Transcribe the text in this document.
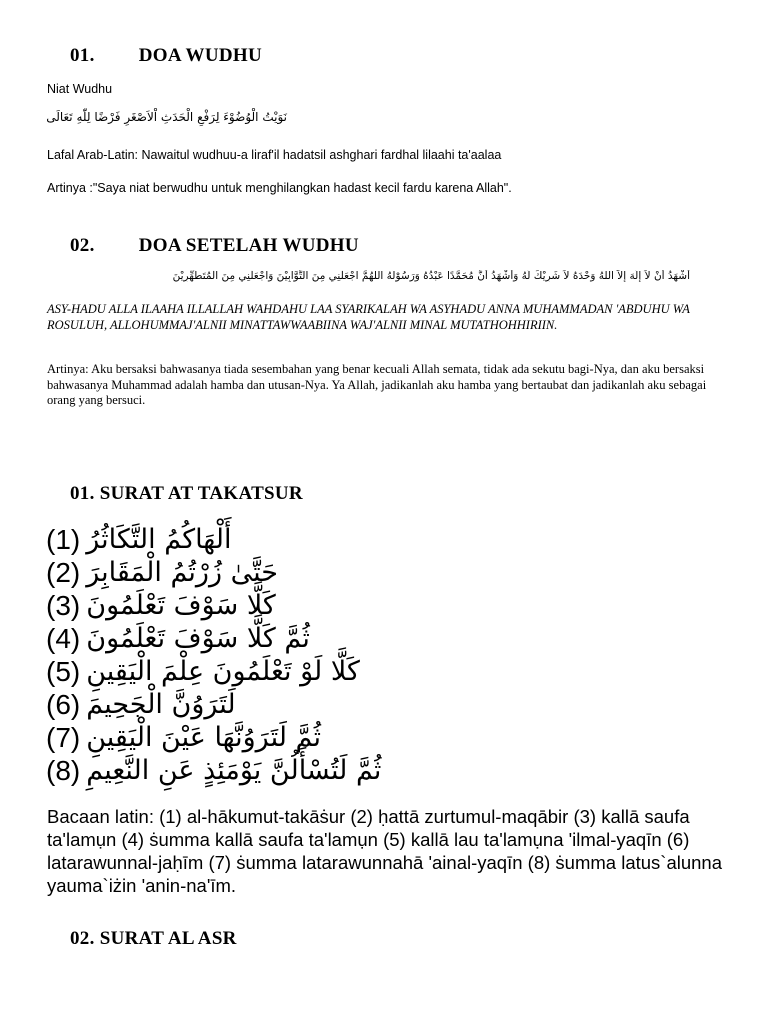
01. DOA WUDHU
Niat Wudhu
نَوَيْتُ الْوُضُوْءَ لِرَفْعِ الْحَدَثِ اْلاَصْغَرِ فَرْضًا لِلّٰهِ تَعَالَى
Lafal Arab-Latin: Nawaitul wudhuu-a liraf'il hadatsil ashghari fardhal lilaahi ta'aalaa
Artinya :"Saya niat berwudhu untuk menghilangkan hadast kecil fardu karena Allah".
02. DOA SETELAH WUDHU
أَشْهَدُ أَنْ لاَ إِلَهَ إِلاَّ اللهُ وَحْدَهُ لاَ شَرِيْكَ لَهُ وَأَشْهَدُ أَنَّ مُحَمَّدًا عَبْدُهُ وَرَسُوْلُهُ اللَّهُمَّ اجْعَلْنِي مِنَ التَّوَّابِيْنَ وَاجْعَلْنِي مِنَ الْمُتَطَهِّرِيْنَ
ASY-HADU ALLA ILAAHA ILLALLAH WAHDAHU LAA SYARIKALAH WA ASYHADU ANNA MUHAMMADAN 'ABDUHU WA ROSULUH, ALLOHUMMAJ'ALNII MINATTAWWAABIINA WAJ'ALNII MINAL MUTATHOHHIRIIN.
Artinya: Aku bersaksi bahwasanya tiada sesembahan yang benar kecuali Allah semata, tidak ada sekutu bagi-Nya, dan aku bersaksi bahwasanya Muhammad adalah hamba dan utusan-Nya. Ya Allah, jadikanlah aku hamba yang bertaubat dan jadikanlah aku sebagai orang yang bersuci.
01. SURAT AT TAKATSUR
(1) أَلْهَاكُمُ التَّكَاثُرُ
(2) حَتَّىٰ زُرْتُمُ الْمَقَابِرَ
(3) كَلَّا سَوْفَ تَعْلَمُونَ
(4) ثُمَّ كَلَّا سَوْفَ تَعْلَمُونَ
(5) كَلَّا لَوْ تَعْلَمُونَ عِلْمَ الْيَقِينِ
(6) لَتَرَوُنَّ الْجَحِيمَ
(7) ثُمَّ لَتَرَوُنَّهَا عَيْنَ الْيَقِينِ
(8) ثُمَّ لَتُسْأَلُنَّ يَوْمَئِذٍ عَنِ النَّعِيمِ
Bacaan latin: (1) al-hākumut-takāṡur (2) ḥattā zurtumul-maqābir (3) kallā saufa ta'lamụn (4) ṡumma kallā saufa ta'lamụn (5) kallā lau ta'lamụna 'ilmal-yaqīn (6) latarawunnal-jaḥīm (7) ṡumma latarawunnahā 'ainal-yaqīn (8) ṡumma latus`alunna yauma`iżin 'anin-na'īm.
02. SURAT AL ASR
